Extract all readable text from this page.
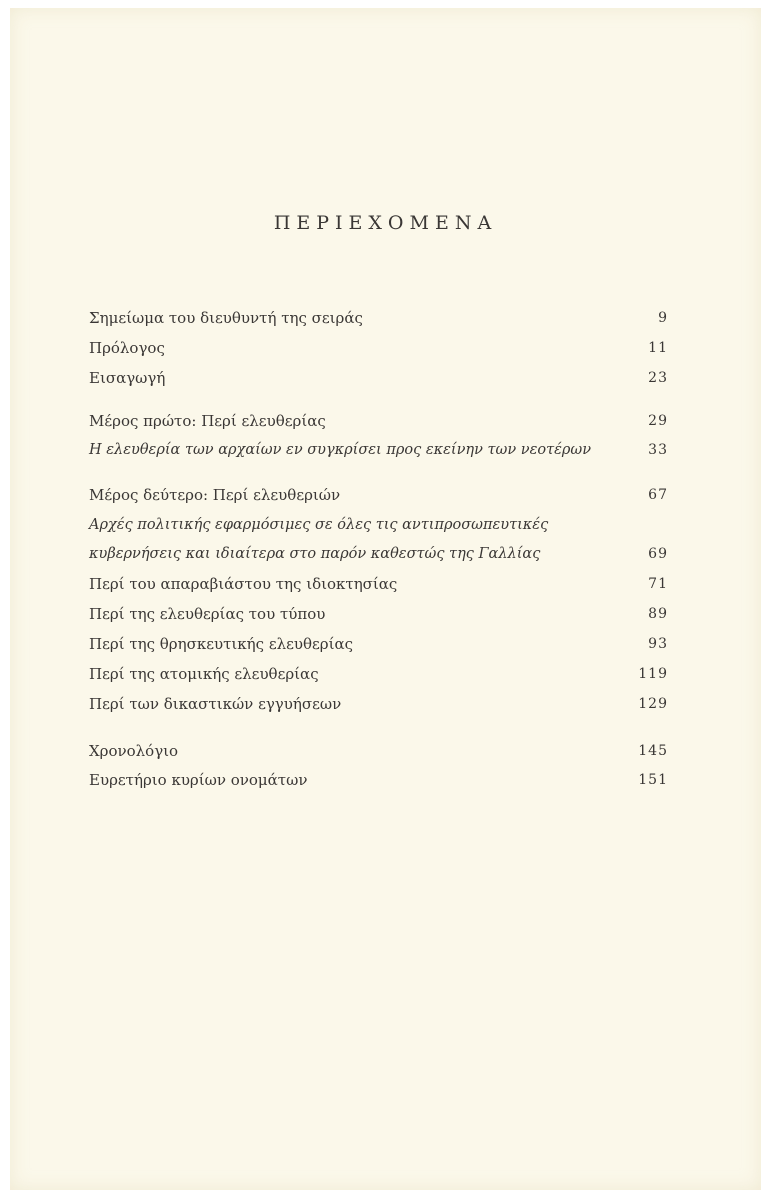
ΠΕΡΙΕΧΟΜΕΝΑ
Σημείωμα του διευθυντή της σειράς	9
Πρόλογος	11
Εισαγωγή	23
Μέρος πρώτο: Περί ελευθερίας	29
Η ελευθερία των αρχαίων εν συγκρίσει προς εκείνην των νεοτέρων	33
Μέρος δεύτερο: Περί ελευθεριών	67
Αρχές πολιτικής εφαρμόσιμες σε όλες τις αντιπροσωπευτικές
κυβερνήσεις και ιδιαίτερα στο παρόν καθεστώς της Γαλλίας	69
Περί του απαραβιάστου της ιδιοκτησίας	71
Περί της ελευθερίας του τύπου	89
Περί της θρησκευτικής ελευθερίας	93
Περί της ατομικής ελευθερίας	119
Περί των δικαστικών εγγυήσεων	129
Χρονολόγιο	145
Ευρετήριο κυρίων ονομάτων	151
